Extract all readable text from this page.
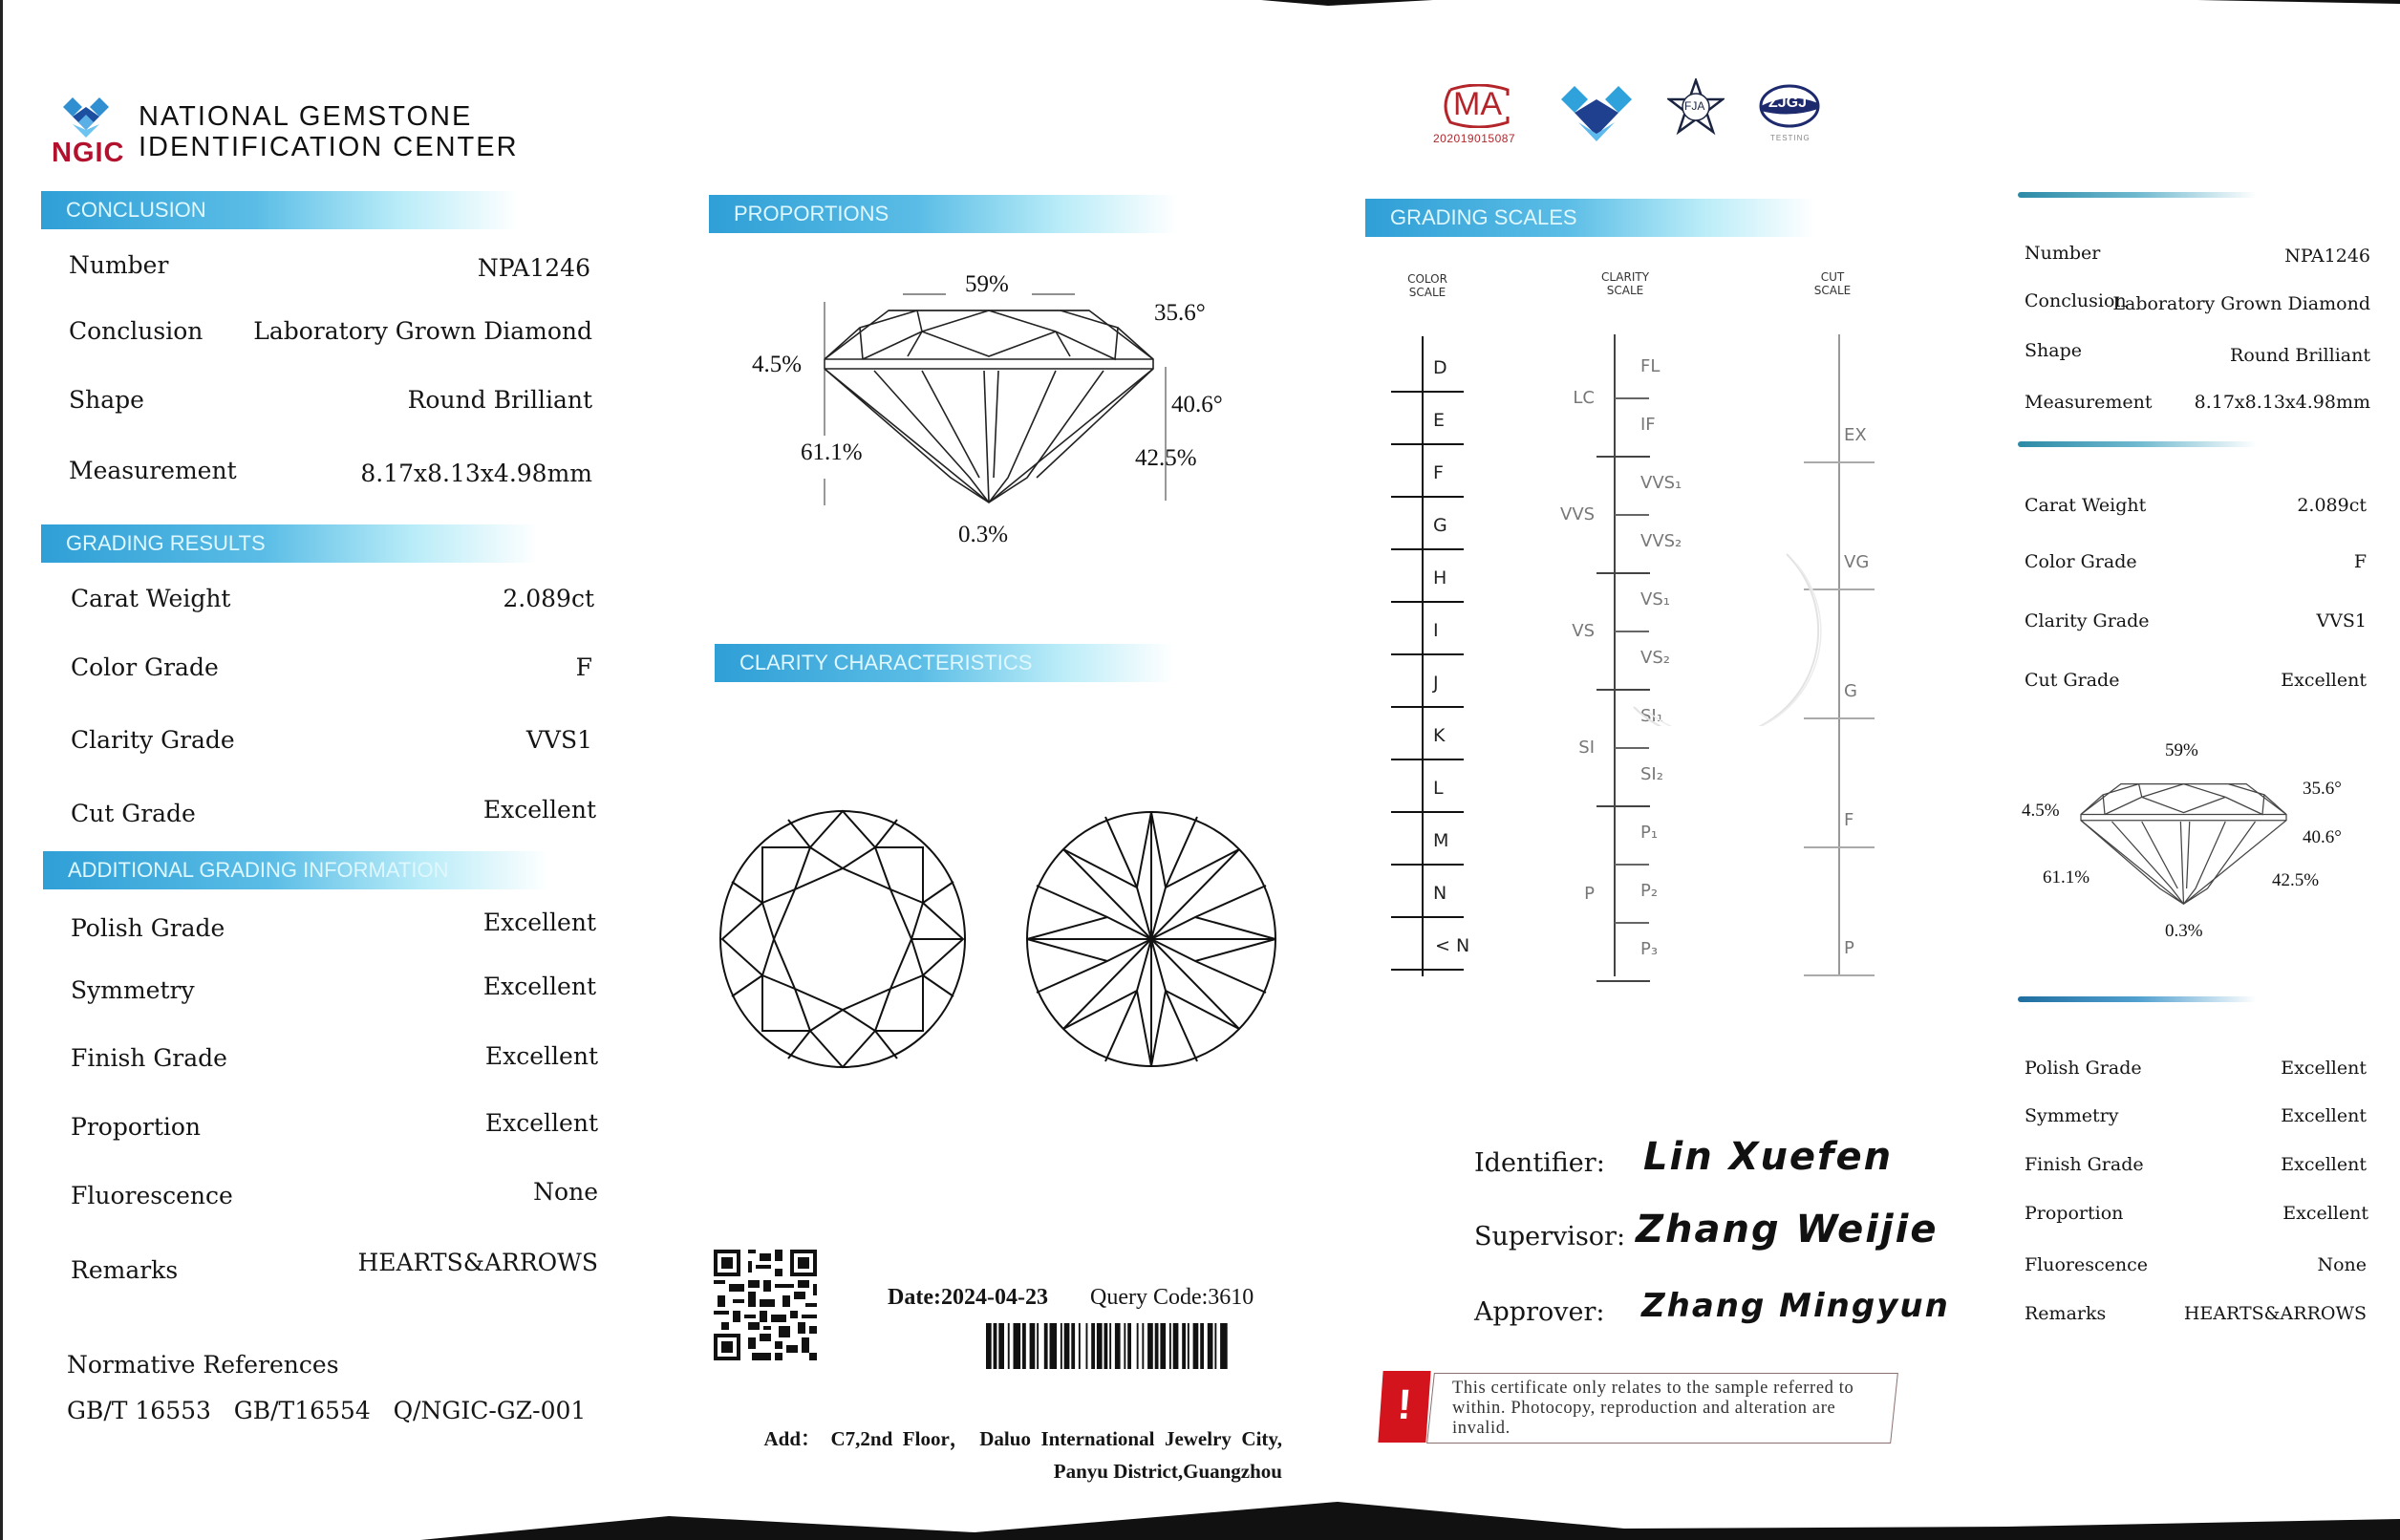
NGIC
NATIONAL GEMSTONE
IDENTIFICATION CENTER
CONCLUSION
Number	NPA1246
Conclusion Laboratory Grown Diamond
Shape	Round Brilliant
Measurement	8.17x8.13x4.98mm
GRADING RESULTS
Carat Weight	2.089ct
Color Grade	F
Clarity Grade	VVS1
Cut Grade	Excellent
ADDITIONAL GRADING INFORMATION
Polish Grade	Excellent
Symmetry	Excellent
Finish Grade	Excellent
Proportion	Excellent
Fluorescence	None
Remarks	HEARTS&ARROWS
Normative References
GB/T 16553   GB/T16554   Q/NGIC-GZ-001
PROPORTIONS
59%
35.6°
4.5%
40.6°
61.1%	42.5%
0.3%
CLARITY CHARACTERISTICS
Date:2024-04-23 Query Code:3610
Add：  C7,2nd  Floor，  Daluo  International  Jewelry  City,
Panyu District,Guangzhou
MA
202019015087
FJA	ZJGJ
TESTING
GRADING SCALES
COLOR
SCALE
CLARITY
SCALE
CUT
SCALE
D
E
F
G
H
I
J
K
L
M
N
< N
FL
IF
VVS₁
VVS₂
VS₁
VS₂
SI₁
SI₂
P₁
P₂
P₃
LC
VVS
VS
SI
P
EX
VG
G
F
P
Identifier: Lin Xuefen
Supervisor: Zhang Weijie
Approver: Zhang Mingyun
!	This certificate only relates to the sample referred to within. Photocopy, reproduction and alteration are invalid.
Number	NPA1246
Conclusion
Laboratory Grown Diamond
Shape	Round Brilliant
Measurement 8.17x8.13x4.98mm
Carat Weight	2.089ct
Color Grade	F
Clarity Grade	VVS1
Cut Grade	Excellent
59%
35.6°
4.5%
40.6°
61.1%	42.5%
0.3%
Polish Grade	Excellent
Symmetry	Excellent
Finish Grade	Excellent
Proportion	Excellent
Fluorescence	None
Remarks	HEARTS&ARROWS
